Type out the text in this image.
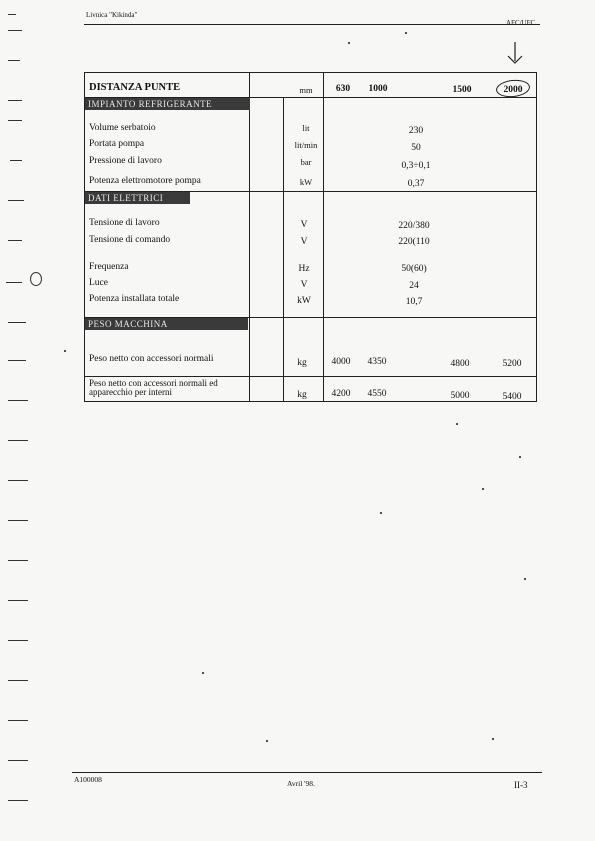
Livnica "Kikinda"
AFC/UFC
DISTANZA PUNTE	mm 630 1000	1500	2000
IMPIANTO REFRIGERANTE
Volume serbatoio	lit	230
Portata pompa	lit/min	50
Pressione di lavoro	bar	0,3÷0,1
Potenza elettromotore pompa	kW	0,37
DATI ELETTRICI
Tensione di lavoro	V	220/380
Tensione di comando	V	220(110
Frequenza	Hz	50(60)
Luce	V	24
Potenza installata totale	kW	10,7
PESO MACCHINA
Peso netto con accessori normali	kg	4000 4350	4800	5200
Peso netto con accessori normali ed
apparecchio per interni	kg	4200 4550	5000	5400
A100008	Avril '98.	II-3
